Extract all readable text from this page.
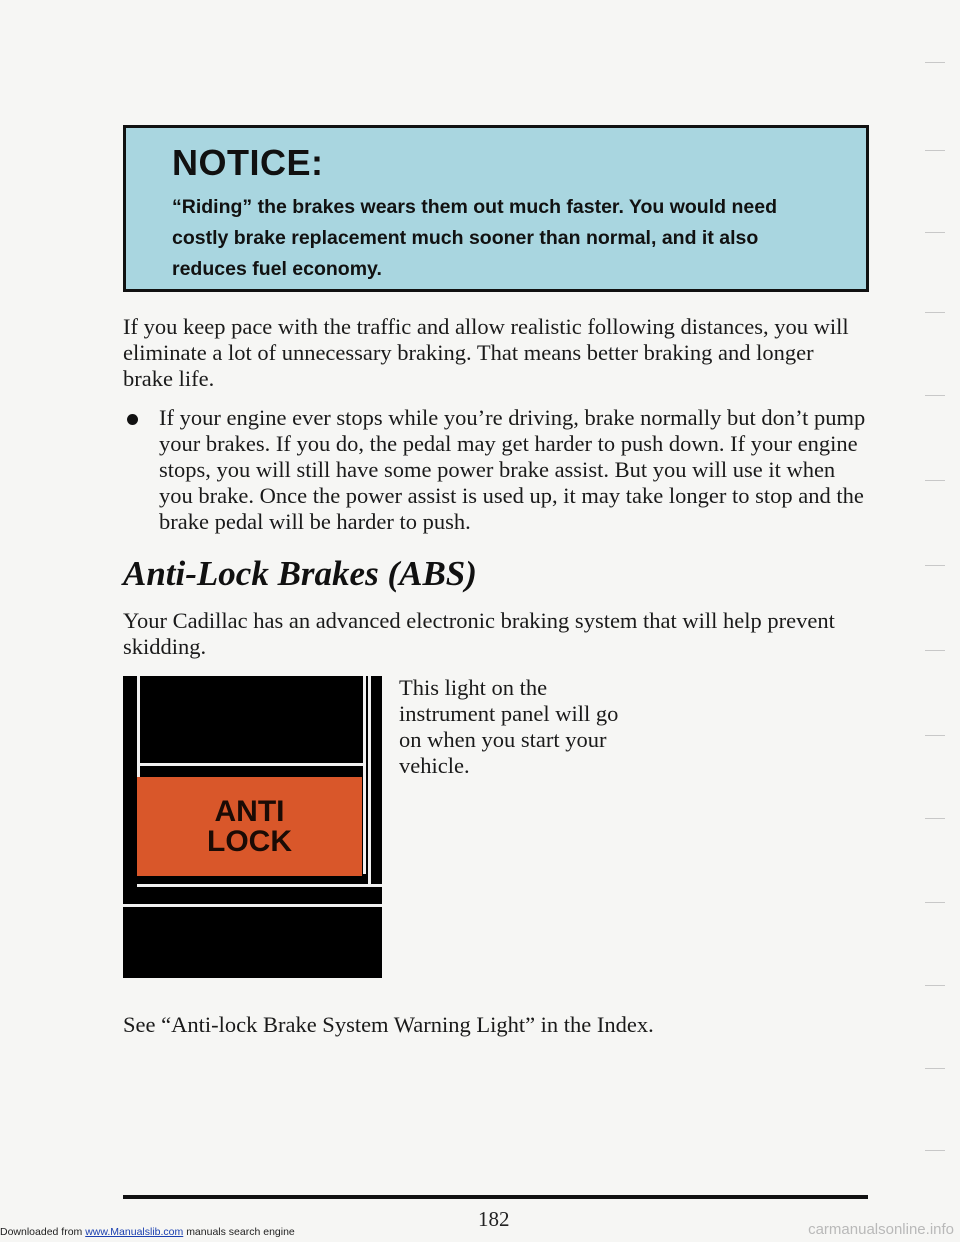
NOTICE:

“Riding” the brakes wears them out much faster. You would need costly brake replacement much sooner than normal, and it also reduces fuel economy.

If you keep pace with the traffic and allow realistic following distances, you will eliminate a lot of unnecessary braking. That means better braking and longer brake life.

If your engine ever stops while you’re driving, brake normally but don’t pump your brakes. If you do, the pedal may get harder to push down. If your engine stops, you will still have some power brake assist. But you will use it when you brake. Once the power assist is used up, it may take longer to stop and the brake pedal will be harder to push.

Anti-Lock Brakes (ABS)

Your Cadillac has an advanced electronic braking system that will help prevent skidding.

ANTI
LOCK

This light on the instrument panel will go on when you start your vehicle.

See “Anti-lock Brake System Warning Light” in the Index.

182
Downloaded from www.Manualslib.com manuals search engine	carmanualsonline.info
